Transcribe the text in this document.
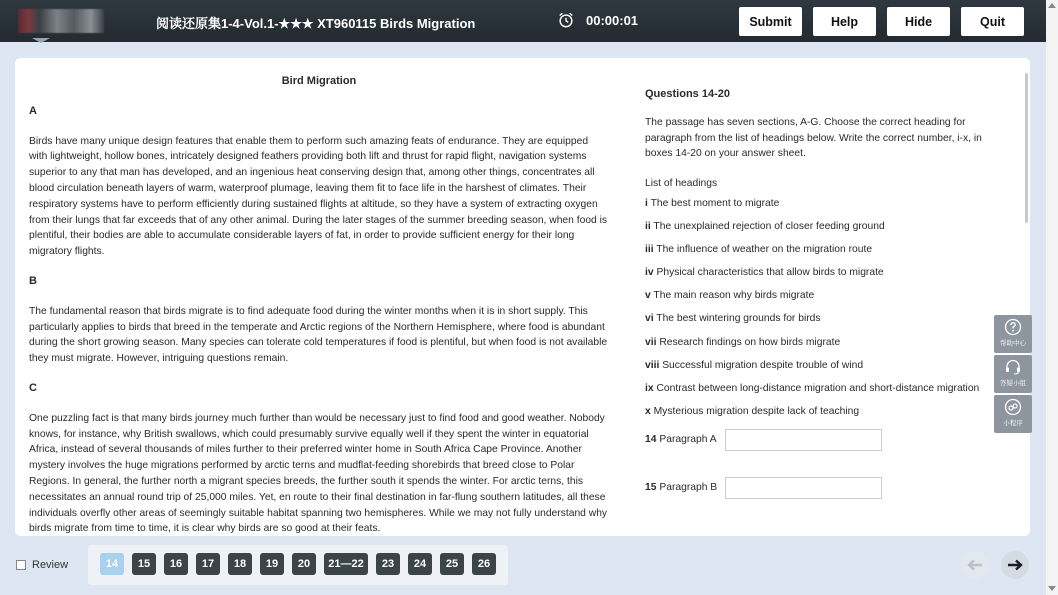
阅读还原集1-4-Vol.1-★★★ XT960115 Birds Migration	00:00:01	Submit	Help	Hide	Quit
Bird Migration
A

Birds have many unique design features that enable them to perform such amazing feats of endurance. They are equipped with lightweight, hollow bones, intricately designed feathers providing both lift and thrust for rapid flight, navigation systems superior to any that man has developed, and an ingenious heat conserving design that, among other things, concentrates all blood circulation beneath layers of warm, waterproof plumage, leaving them fit to face life in the harshest of climates. Their respiratory systems have to perform efficiently during sustained flights at altitude, so they have a system of extracting oxygen from their lungs that far exceeds that of any other animal. During the later stages of the summer breeding season, when food is plentiful, their bodies are able to accumulate considerable layers of fat, in order to provide sufficient energy for their long migratory flights.

B

The fundamental reason that birds migrate is to find adequate food during the winter months when it is in short supply. This particularly applies to birds that breed in the temperate and Arctic regions of the Northern Hemisphere, where food is abundant during the short growing season. Many species can tolerate cold temperatures if food is plentiful, but when food is not available they must migrate. However, intriguing questions remain.

C

One puzzling fact is that many birds journey much further than would be necessary just to find food and good weather. Nobody knows, for instance, why British swallows, which could presumably survive equally well if they spent the winter in equatorial Africa, instead of several thousands of miles further to their preferred winter home in South Africa Cape Province. Another mystery involves the huge migrations performed by arctic terns and mudflat-feeding shorebirds that breed close to Polar Regions. In general, the further north a migrant species breeds, the further south it spends the winter. For arctic terns, this necessitates an annual round trip of 25,000 miles. Yet, en route to their final destination in far-flung southern latitudes, all these individuals overfly other areas of seemingly suitable habitat spanning two hemispheres. While we may not fully understand why birds migrate from time to time, it is clear why birds are so good at their feats.

Questions 14-20
The passage has seven sections, A-G. Choose the correct heading for paragraph from the list of headings below. Write the correct number, i-x, in boxes 14-20 on your answer sheet.
List of headings
i The best moment to migrate
ii The unexplained rejection of closer feeding ground
iii The influence of weather on the migration route
iv Physical characteristics that allow birds to migrate
v The main reason why birds migrate
vi The best wintering grounds for birds
vii Research findings on how birds migrate
viii Successful migration despite trouble of wind
ix Contrast between long-distance migration and short-distance migration
x Mysterious migration despite lack of teaching
14 Paragraph A
15 Paragraph B
帮助中心
答疑小组
小程序
Review	14	15	16	17	18	19	20	21—22	23	24	25	26
